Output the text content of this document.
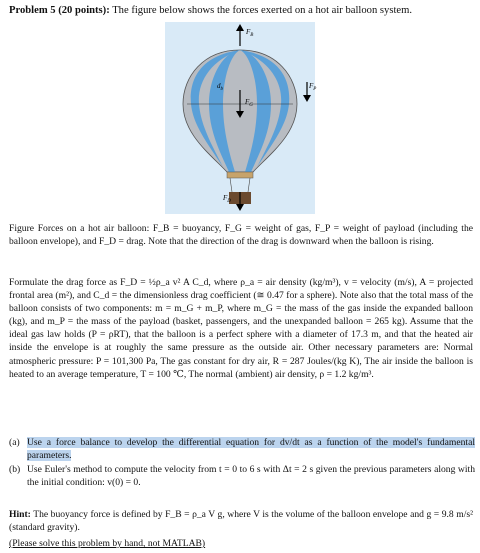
Problem 5 (20 points): The figure below shows the forces exerted on a hot air balloon system.
$F_B$
$F_P$
$F_G$
$d_b$
$F_D$

Figure Forces on a hot air balloon: F_B = buoyancy, F_G = weight of gas, F_P = weight of payload (including the balloon envelope), and F_D = drag. Note that the direction of the drag is downward when the balloon is rising.

Formulate the drag force as F_D = ½ρ_a v² A C_d, where ρ_a = air density (kg/m³), v = velocity (m/s), A = projected frontal area (m²), and C_d = the dimensionless drag coefficient (≅ 0.47 for a sphere). Note also that the total mass of the balloon consists of two components: m = m_G + m_P, where m_G = the mass of the gas inside the expanded balloon (kg), and m_P = the mass of the payload (basket, passengers, and the unexpanded balloon = 265 kg). Assume that the ideal gas law holds (P = ρRT), that the balloon is a perfect sphere with a diameter of 17.3 m, and that the heated air inside the envelope is at roughly the same pressure as the outside air. Other necessary parameters are: Normal atmospheric pressure: P = 101,300 Pa, The gas constant for dry air, R = 287 Joules/(kg K), The air inside the balloon is heated to an average temperature, T = 100 ℃, The normal (ambient) air density, ρ = 1.2 kg/m³.

(a) Use a force balance to develop the differential equation for dv/dt as a function of the model's fundamental parameters.
(b) Use Euler's method to compute the velocity from t = 0 to 6 s with Δt = 2 s given the previous parameters along with the initial condition: v(0) = 0.

Hint: The buoyancy force is defined by F_B = ρ_a V g, where V is the volume of the balloon envelope and g = 9.8 m/s² (standard gravity).

(Please solve this problem by hand, not MATLAB)
